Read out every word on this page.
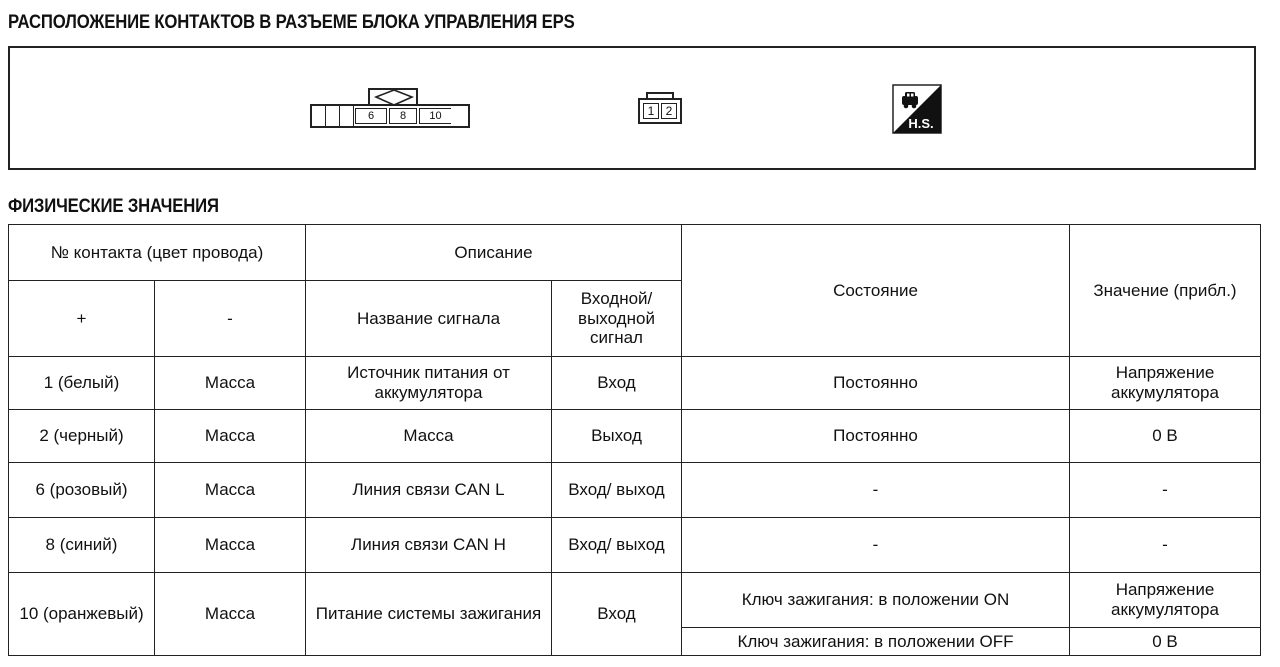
РАСПОЛОЖЕНИЕ КОНТАКТОВ В РАЗЪЕМЕ БЛОКА УПРАВЛЕНИЯ EPS
6	8	10	1 2
H.S.
ФИЗИЧЕСКИЕ ЗНАЧЕНИЯ
№ контакта (цвет провода)		Описание		Состояние	Значение (прибл.)
+	-	Название сигнала	Входной/ выходной сигнал		
1 (белый)	Масса	Источник питания от аккумулятора	Вход	Постоянно	Напряжение аккумулятора
2 (черный)	Масса	Масса	Выход	Постоянно	0 В
6 (розовый)	Масса	Линия связи CAN L	Вход/ выход	-	-
8 (синий)	Масса	Линия связи CAN H	Вход/ выход	-	-
10 (оранжевый)	Масса	Питание системы зажигания	Вход	Ключ зажигания: в положении ON	Напряжение аккумулятора
				Ключ зажигания: в положении OFF	0 В
